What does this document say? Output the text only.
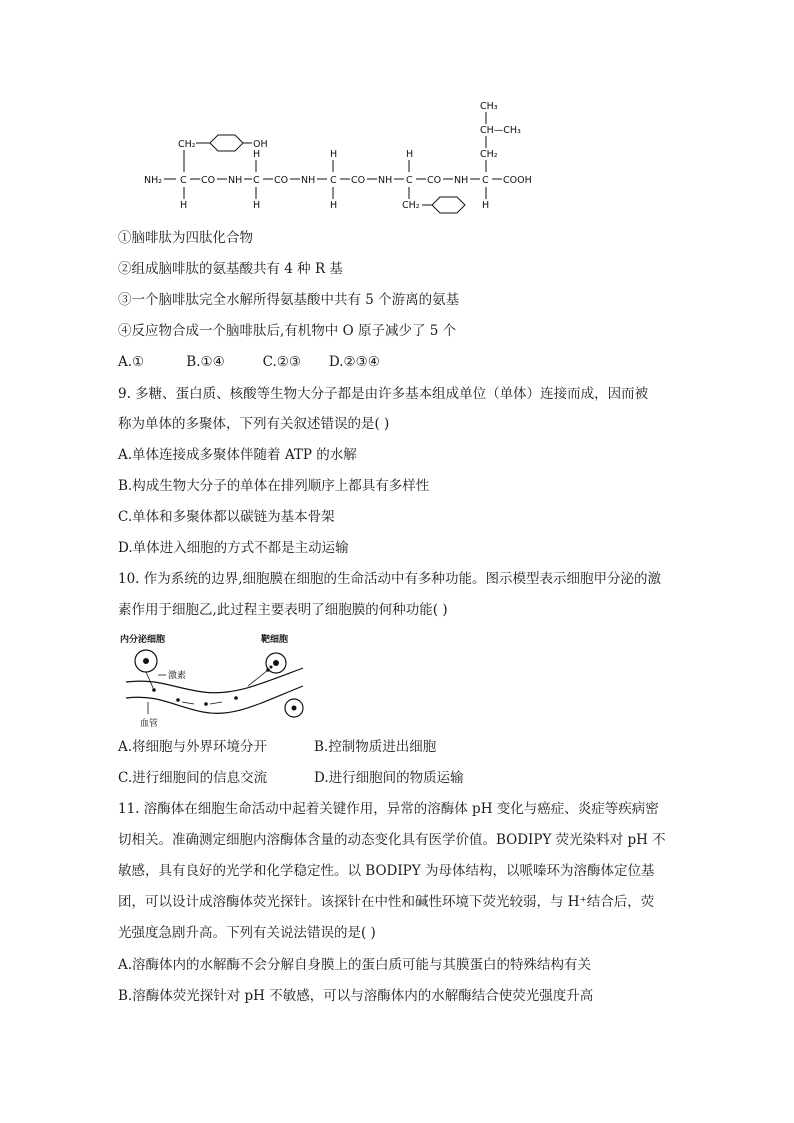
CH₃
CH—CH₃
CH₂
CH₂	OH
H	H	H
NH₂ C CO NH C CO NH C CO NH C CO NH C COOH
H	H	H	CH₂	H
①脑啡肽为四肽化合物
②组成脑啡肽的氨基酸共有 4 种 R 基
③一个脑啡肽完全水解所得氨基酸中共有 5 个游离的氨基
④反应物合成一个脑啡肽后,有机物中 O 原子减少了 5 个
A.①	B.①④	C.②③ D.②③④
9. 多糖、蛋白质、核酸等生物大分子都是由许多基本组成单位（单体）连接而成，因而被
称为单体的多聚体，下列有关叙述错误的是( )
A.单体连接成多聚体伴随着 ATP 的水解
B.构成生物大分子的单体在排列顺序上都具有多样性
C.单体和多聚体都以碳链为基本骨架
D.单体进入细胞的方式不都是主动运输
10. 作为系统的边界,细胞膜在细胞的生命活动中有多种功能。图示模型表示细胞甲分泌的激
素作用于细胞乙,此过程主要表明了细胞膜的何种功能( )
内分泌细胞	靶细胞
激素
血管
A.将细胞与外界环境分开	B.控制物质进出细胞
C.进行细胞间的信息交流	D.进行细胞间的物质运输
11. 溶酶体在细胞生命活动中起着关键作用，异常的溶酶体 pH 变化与癌症、炎症等疾病密
切相关。准确测定细胞内溶酶体含量的动态变化具有医学价值。BODIPY 荧光染料对 pH 不
敏感，具有良好的光学和化学稳定性。以 BODIPY 为母体结构，以哌嗪环为溶酶体定位基
团，可以设计成溶酶体荧光探针。该探针在中性和碱性环境下荧光较弱，与 H⁺结合后，荧
光强度急剧升高。下列有关说法错误的是( )
A.溶酶体内的水解酶不会分解自身膜上的蛋白质可能与其膜蛋白的特殊结构有关
B.溶酶体荧光探针对 pH 不敏感，可以与溶酶体内的水解酶结合使荧光强度升高
